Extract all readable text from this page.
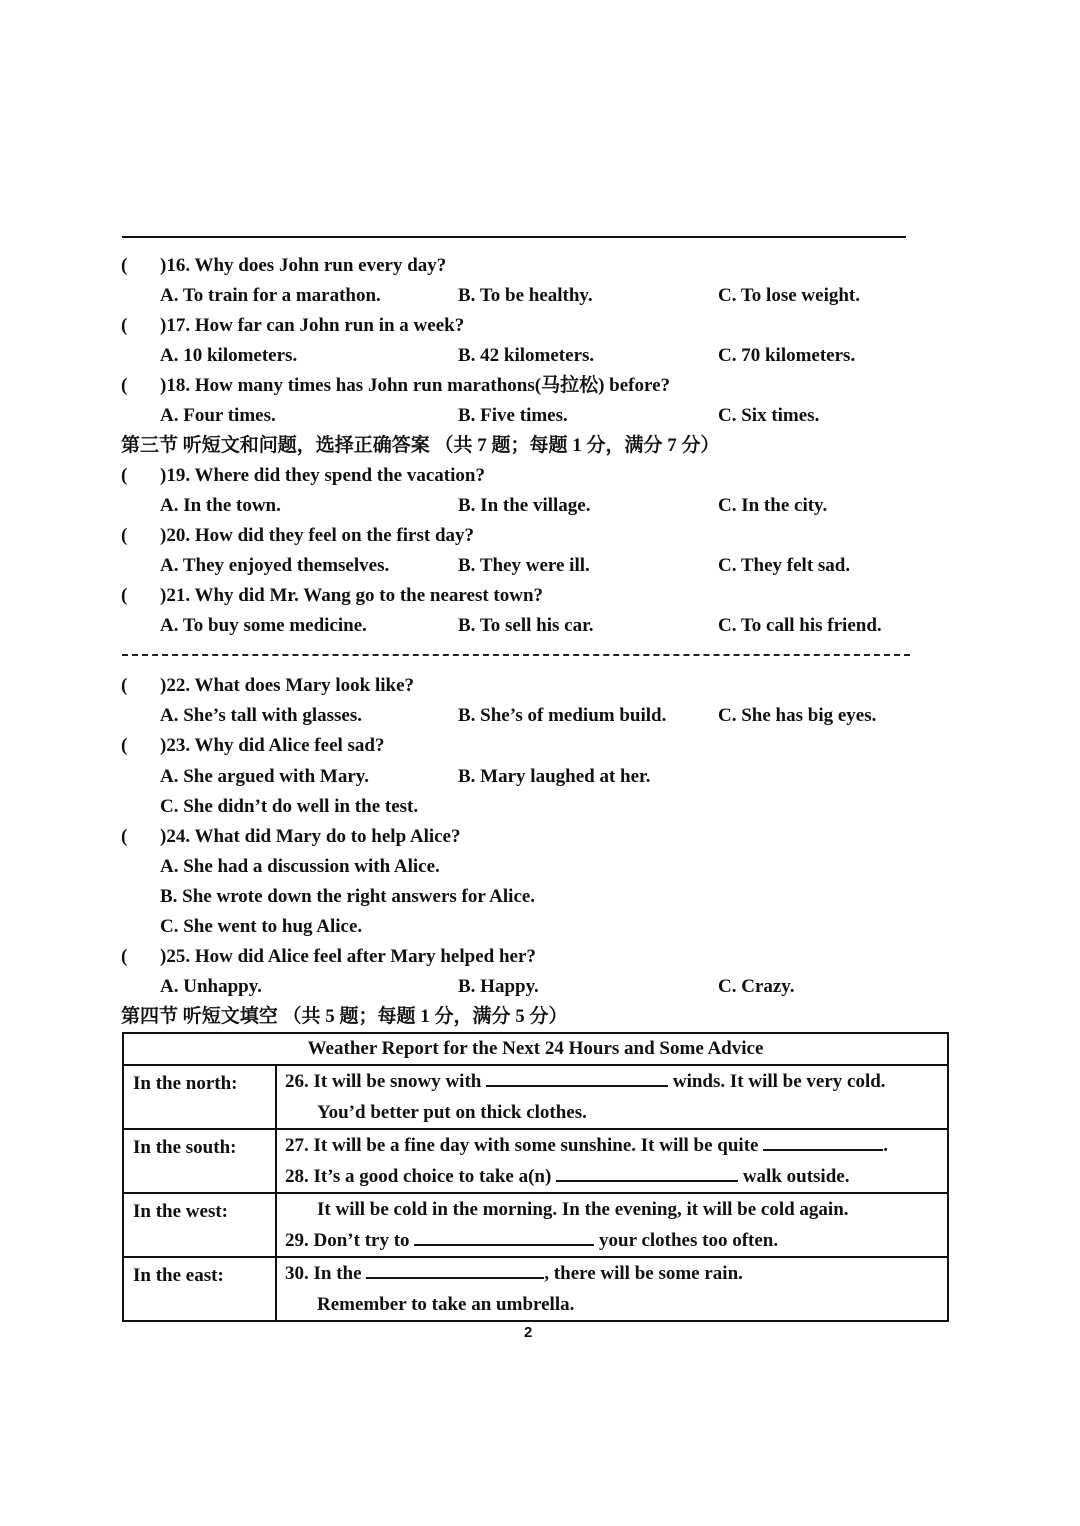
( )16. Why does John run every day?
A. To train for a marathon.	B. To be healthy.	C. To lose weight.
( )17. How far can John run in a week?
A. 10 kilometers.	B. 42 kilometers.	C. 70 kilometers.
( )18. How many times has John run marathons(马拉松) before?
A. Four times.	B. Five times.	C. Six times.
第三节 听短文和问题，选择正确答案 （共 7 题；每题 1 分，满分 7 分）
( )19. Where did they spend the vacation?
A. In the town.	B. In the village.	C. In the city.
( )20. How did they feel on the first day?
A. They enjoyed themselves.	B. They were ill.	C. They felt sad.
( )21. Why did Mr. Wang go to the nearest town?
A. To buy some medicine.	B. To sell his car.	C. To call his friend.
( )22. What does Mary look like?
A. She’s tall with glasses.	B. She’s of medium build.	C. She has big eyes.
( )23. Why did Alice feel sad?
A. She argued with Mary.	B. Mary laughed at her.
C. She didn’t do well in the test.
( )24. What did Mary do to help Alice?
A. She had a discussion with Alice.
B. She wrote down the right answers for Alice.
C. She went to hug Alice.
( )25. How did Alice feel after Mary helped her?
A. Unhappy.	B. Happy.	C. Crazy.
第四节 听短文填空 （共 5 题；每题 1 分，满分 5 分）
Weather Report for the Next 24 Hours and Some Advice	

In the north:	26. It will be snowy with winds. It will be very cold.
You’d better put on thick clothes.

In the south:	27. It will be a fine day with some sunshine. It will be quite .
28. It’s a good choice to take a(n) walk outside.

In the west:	It will be cold in the morning. In the evening, it will be cold again.
29. Don’t try to your clothes too often.

In the east:	30. In the , there will be some rain.
Remember to take an umbrella.
2
